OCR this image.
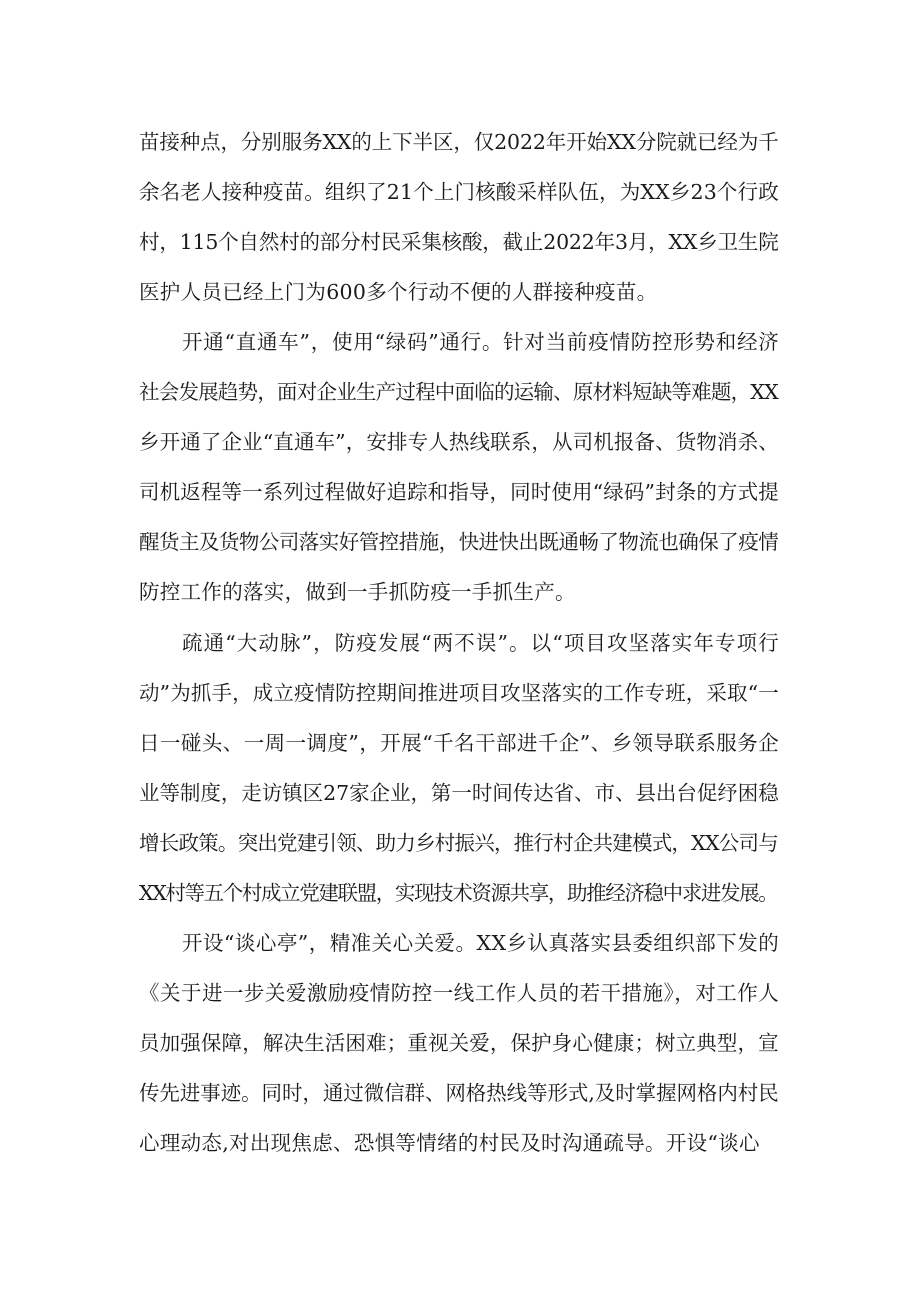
苗接种点，分别服务XX的上下半区，仅2022年开始XX分院就已经为千
余名老人接种疫苗。组织了21个上门核酸采样队伍，为XX乡23个行政
村，115个自然村的部分村民采集核酸，截止2022年3月，XX乡卫生院
医护人员已经上门为600多个行动不便的人群接种疫苗。
开通“直通车”，使用“绿码”通行。针对当前疫情防控形势和经济
社会发展趋势，面对企业生产过程中面临的运输、原材料短缺等难题，XX
乡开通了企业“直通车”，安排专人热线联系，从司机报备、货物消杀、
司机返程等一系列过程做好追踪和指导，同时使用“绿码”封条的方式提
醒货主及货物公司落实好管控措施，快进快出既通畅了物流也确保了疫情
防控工作的落实，做到一手抓防疫一手抓生产。
疏通“大动脉”，防疫发展“两不误”。以“项目攻坚落实年专项行
动”为抓手，成立疫情防控期间推进项目攻坚落实的工作专班，采取“一
日一碰头、一周一调度”，开展“千名干部进千企”、乡领导联系服务企
业等制度，走访镇区27家企业，第一时间传达省、市、县出台促纾困稳
增长政策。突出党建引领、助力乡村振兴，推行村企共建模式，XX公司与
XX村等五个村成立党建联盟，实现技术资源共享，助推经济稳中求进发展。
开设“谈心亭”，精准关心关爱。XX乡认真落实县委组织部下发的
《关于进一步关爱激励疫情防控一线工作人员的若干措施》，对工作人
员加强保障，解决生活困难；重视关爱，保护身心健康；树立典型，宣
传先进事迹。同时，通过微信群、网格热线等形式,及时掌握网格内村民
心理动态,对出现焦虑、恐惧等情绪的村民及时沟通疏导。开设“谈心
